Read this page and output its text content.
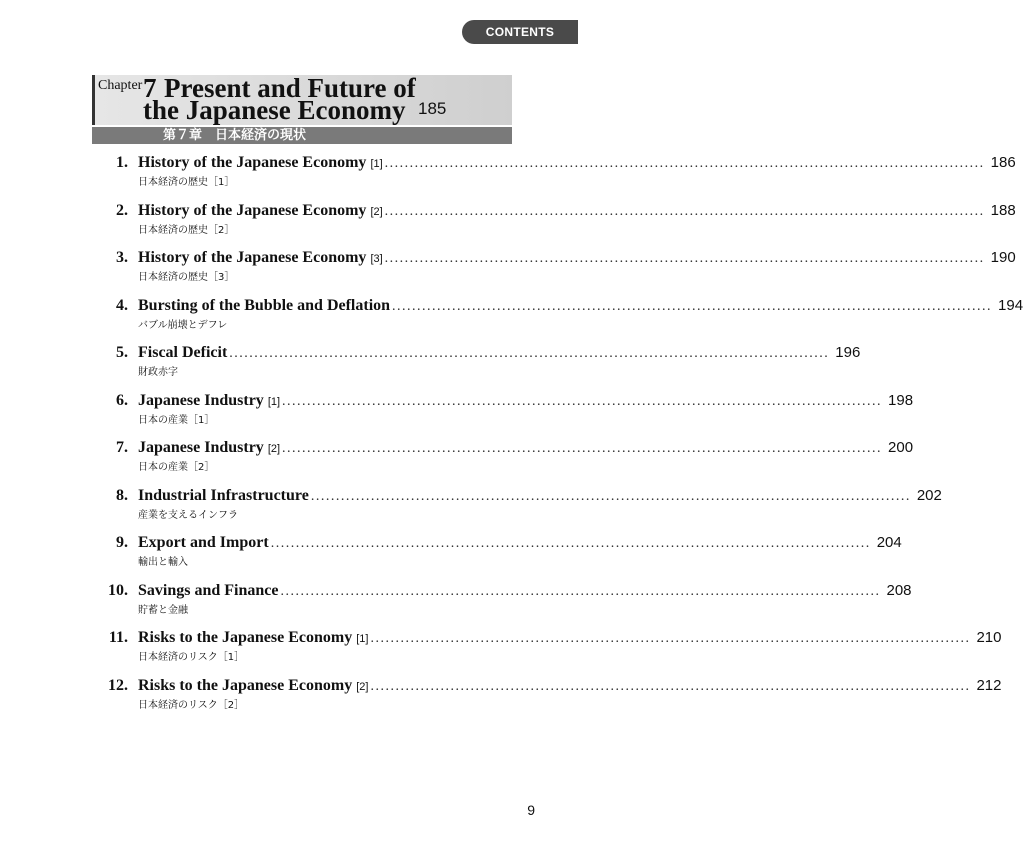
CONTENTS
Chapter 7 Present and Future of
the Japanese Economy 185
第７章　日本経済の現状
1. History of the Japanese Economy [1] ........................................................................................................................ 186
日本経済の歴史［1］
2. History of the Japanese Economy [2] ........................................................................................................................ 188
日本経済の歴史［2］
3. History of the Japanese Economy [3] ........................................................................................................................ 190
日本経済の歴史［3］
4. Bursting of the Bubble and Deflation ........................................................................................................................ 194
バブル崩壊とデフレ
5. Fiscal Deficit ........................................................................................................................ 196
財政赤字
6. Japanese Industry [1] ........................................................................................................................ 198
日本の産業［1］
7. Japanese Industry [2] ........................................................................................................................ 200
日本の産業［2］
8. Industrial Infrastructure ........................................................................................................................ 202
産業を支えるインフラ
9. Export and Import ........................................................................................................................ 204
輸出と輸入
10. Savings and Finance ........................................................................................................................ 208
貯蓄と金融
11. Risks to the Japanese Economy [1] ........................................................................................................................ 210
日本経済のリスク［1］
12. Risks to the Japanese Economy [2] ........................................................................................................................ 212
日本経済のリスク［2］
9
